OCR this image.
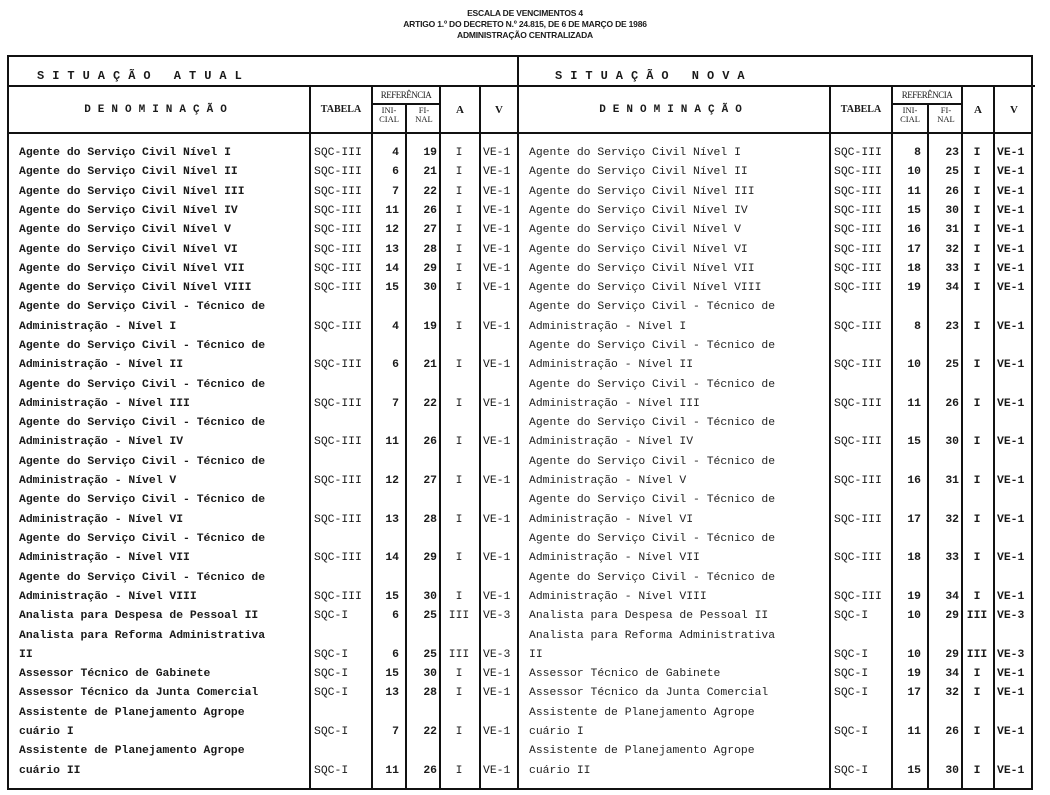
ESCALA DE VENCIMENTOS 4
ARTIGO 1.º DO DECRETO N.º 24.815, DE 6 DE MARÇO DE 1986
ADMINISTRAÇÃO CENTRALIZADA
SITUAÇÃO ATUAL
DENOMINAÇÃO	TABELA
REFERÊNCIA
INI-
CIAL
FI-
NAL
A	V
Agente do Serviço Civil Nível I	SQC-III	4	19	I	VE-1
Agente do Serviço Civil Nível II	SQC-III	6	21	I	VE-1
Agente do Serviço Civil Nível III	SQC-III	7	22	I	VE-1
Agente do Serviço Civil Nível IV	SQC-III	11	26	I	VE-1
Agente do Serviço Civil Nível V	SQC-III	12	27	I	VE-1
Agente do Serviço Civil Nível VI	SQC-III	13	28	I	VE-1
Agente do Serviço Civil Nível VII	SQC-III	14	29	I	VE-1
Agente do Serviço Civil Nível VIII	SQC-III	15	30	I	VE-1
Agente do Serviço Civil - Técnico de
Administração - Nível I	SQC-III	4	19	I	VE-1
Agente do Serviço Civil - Técnico de
Administração - Nível II	SQC-III	6	21	I	VE-1
Agente do Serviço Civil - Técnico de
Administração - Nível III	SQC-III	7	22	I	VE-1
Agente do Serviço Civil - Técnico de
Administração - Nível IV	SQC-III	11	26	I	VE-1
Agente do Serviço Civil - Técnico de
Administração - Nível V	SQC-III	12	27	I	VE-1
Agente do Serviço Civil - Técnico de
Administração - Nível VI	SQC-III	13	28	I	VE-1
Agente do Serviço Civil - Técnico de
Administração - Nível VII	SQC-III	14	29	I	VE-1
Agente do Serviço Civil - Técnico de
Administração - Nível VIII	SQC-III	15	30	I	VE-1
Analista para Despesa de Pessoal II	SQC-I	6	25	III	VE-3
Analista para Reforma Administrativa
II	SQC-I	6	25	III	VE-3
Assessor Técnico de Gabinete	SQC-I	15	30	I	VE-1
Assessor Técnico da Junta Comercial	SQC-I	13	28	I	VE-1
Assistente de Planejamento Agrope
cuário I	SQC-I	7	22	I	VE-1
Assistente de Planejamento Agrope
cuário II	SQC-I	11	26	I	VE-1
SITUAÇÃO NOVA
DENOMINAÇÃO	TABELA
REFERÊNCIA
INI-
CIAL
FI-
NAL
A	V
Agente do Serviço Civil Nível I	SQC-III	8	23	I	VE-1
Agente do Serviço Civil Nível II	SQC-III	10	25	I	VE-1
Agente do Serviço Civil Nível III	SQC-III	11	26	I	VE-1
Agente do Serviço Civil Nível IV	SQC-III	15	30	I	VE-1
Agente do Serviço Civil Nível V	SQC-III	16	31	I	VE-1
Agente do Serviço Civil Nível VI	SQC-III	17	32	I	VE-1
Agente do Serviço Civil Nível VII	SQC-III	18	33	I	VE-1
Agente do Serviço Civil Nível VIII	SQC-III	19	34	I	VE-1
Agente do Serviço Civil - Técnico de
Administração - Nível I	SQC-III	8	23	I	VE-1
Agente do Serviço Civil - Técnico de
Administração - Nível II	SQC-III	10	25	I	VE-1
Agente do Serviço Civil - Técnico de
Administração - Nível III	SQC-III	11	26	I	VE-1
Agente do Serviço Civil - Técnico de
Administração - Nível IV	SQC-III	15	30	I	VE-1
Agente do Serviço Civil - Técnico de
Administração - Nível V	SQC-III	16	31	I	VE-1
Agente do Serviço Civil - Técnico de
Administração - Nível VI	SQC-III	17	32	I	VE-1
Agente do Serviço Civil - Técnico de
Administração - Nível VII	SQC-III	18	33	I	VE-1
Agente do Serviço Civil - Técnico de
Administração - Nível VIII	SQC-III	19	34	I	VE-1
Analista para Despesa de Pessoal II	SQC-I	10	29 III VE-3
Analista para Reforma Administrativa
II	SQC-I	10	29 III VE-3
Assessor Técnico de Gabinete	SQC-I	19	34	I	VE-1
Assessor Técnico da Junta Comercial	SQC-I	17	32	I	VE-1
Assistente de Planejamento Agrope
cuário I	SQC-I	11	26	I	VE-1
Assistente de Planejamento Agrope
cuário II	SQC-I	15	30	I	VE-1
